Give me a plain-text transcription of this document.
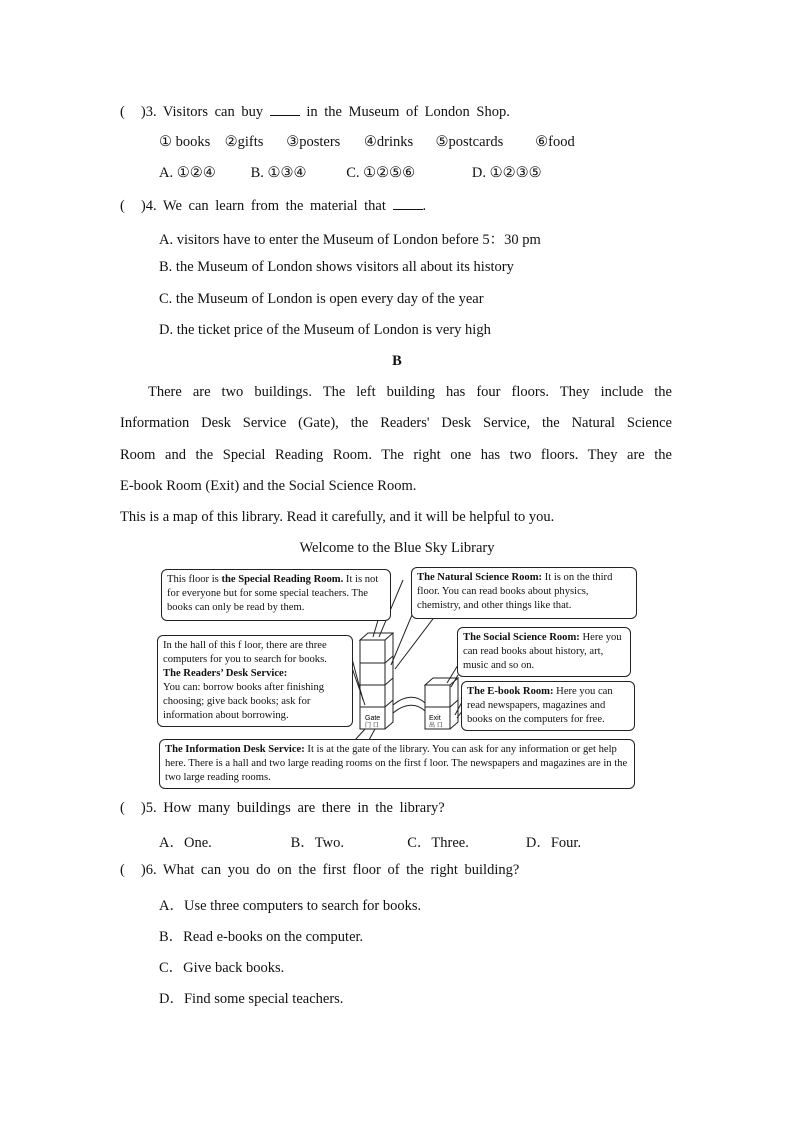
( )3. Visitors can buy	in the Museum of London Shop.
① books ②gifts ③posters ④drinks ⑤postcards ⑥food
A. ①②④ B. ①③④	C. ①②⑤⑥	D. ①②③⑤
( )4. We can learn from the material that	.
A. visitors have to enter the Museum of London before 5：30 pm
B. the Museum of London shows visitors all about its history
C. the Museum of London is open every day of the year
D. the ticket price of the Museum of London is very high
B
There are two buildings. The left building has four floors. They include the
Information Desk Service (Gate), the Readers' Desk Service, the Natural Science
Room and the Special Reading Room. The right one has two floors. They are the
E-book Room (Exit) and the Social Science Room.
This is a map of this library. Read it carefully, and it will be helpful to you.
Welcome to the Blue Sky Library
Gate
门 口
Exit
出 口
This floor is the Special Reading Room. It is not for everyone but for some special teachers. The books can only be read by them.
The Natural Science Room: It is on the third floor. You can read books about physics, chemistry, and other things like that.
In the hall of this f loor, there are three computers for you to search for books.
The Readers’ Desk Service:
You can: borrow books after finishing choosing; give back books; ask for information about borrowing.
The Social Science Room: Here you can read books about history, art, music and so on.
The E-book Room: Here you can read newspapers, magazines and books on the computers for free.
The Information Desk Service: It is at the gate of the library. You can ask for any information or get help here. There is a hall and two large reading rooms on the first f loor. The newspapers and magazines are in the two large reading rooms.
( )5. How many buildings are there in the library?
A．One.	B．Two.	C．Three.	D．Four.
( )6. What can you do on the first floor of the right building?
A．Use three computers to search for books.
B．Read e-books on the computer.
C．Give back books.
D．Find some special teachers.
